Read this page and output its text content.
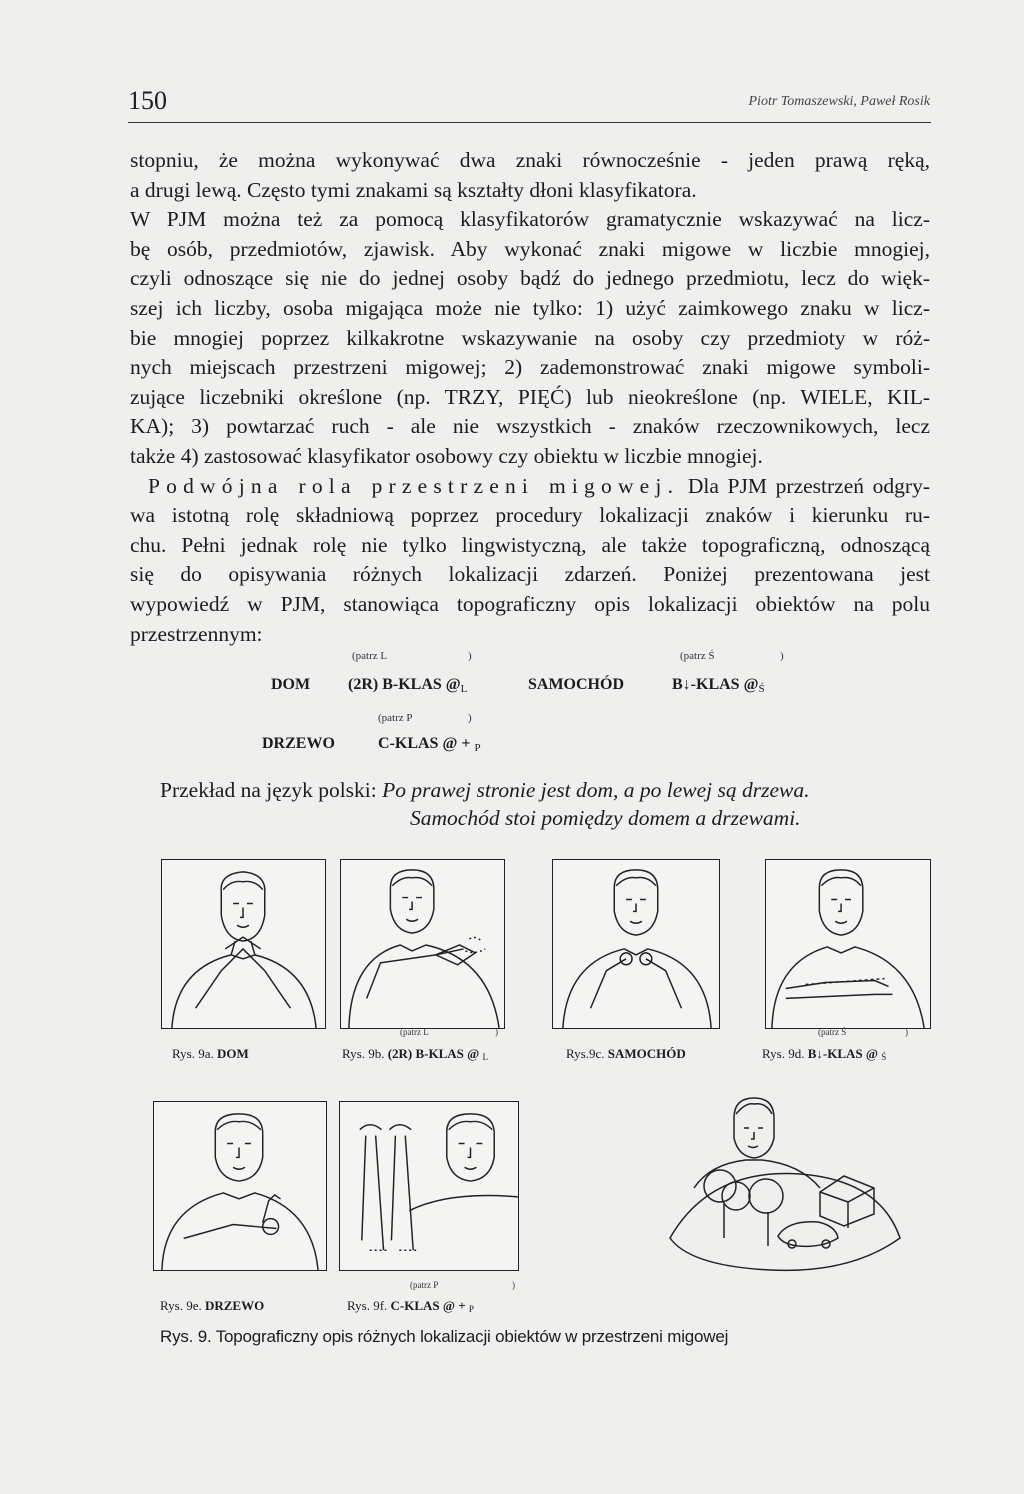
150	Piotr Tomaszewski, Paweł Rosik
stopniu, że można wykonywać dwa znaki równocześnie - jeden prawą ręką,
a drugi lewą. Często tymi znakami są kształty dłoni klasyfikatora.
W PJM można też za pomocą klasyfikatorów gramatycznie wskazywać na licz-
bę osób, przedmiotów, zjawisk. Aby wykonać znaki migowe w liczbie mnogiej,
czyli odnoszące się nie do jednej osoby bądź do jednego przedmiotu, lecz do więk-
szej ich liczby, osoba migająca może nie tylko: 1) użyć zaimkowego znaku w licz-
bie mnogiej poprzez kilkakrotne wskazywanie na osoby czy przedmioty w róż-
nych miejscach przestrzeni migowej; 2) zademonstrować znaki migowe symboli-
zujące liczebniki określone (np. TRZY, PIĘĆ) lub nieokreślone (np. WIELE, KIL-
KA); 3) powtarzać ruch - ale nie wszystkich - znaków rzeczownikowych, lecz
także 4) zastosować klasyfikator osobowy czy obiektu w liczbie mnogiej.
Podwójna rola przestrzeni migowej. Dla PJM przestrzeń odgry-
wa istotną rolę składniową poprzez procedury lokalizacji znaków i kierunku ru-
chu. Pełni jednak rolę nie tylko lingwistyczną, ale także topograficzną, odnoszącą
się do opisywania różnych lokalizacji zdarzeń. Poniżej prezentowana jest
wypowiedź w PJM, stanowiąca topograficzny opis lokalizacji obiektów na polu
przestrzennym:
(patrz L	)	(patrz Ś	)
DOM (2R) B-KLAS $@_L$	SAMOCHÓD	B↓-KLAS $@_Ś$
(patrz P	)
DRZEWO	C-KLAS @ + $_P$
Przekład na język polski: Po prawej stronie jest dom, a po lewej są drzewa.
Samochód stoi pomiędzy domem a drzewami.
Rys. 9a. DOM
(patrz L	)
Rys. 9b. (2R) B-KLAS @ $_L$	Rys.9c. SAMOCHÓD
(patrz Ś	)
Rys. 9d. B↓-KLAS @ $_Ś$
Rys. 9e. DRZEWO
(patrz P	)
Rys. 9f. C-KLAS @ + $_P$
Rys. 9. Topograficzny opis różnych lokalizacji obiektów w przestrzeni migowej
